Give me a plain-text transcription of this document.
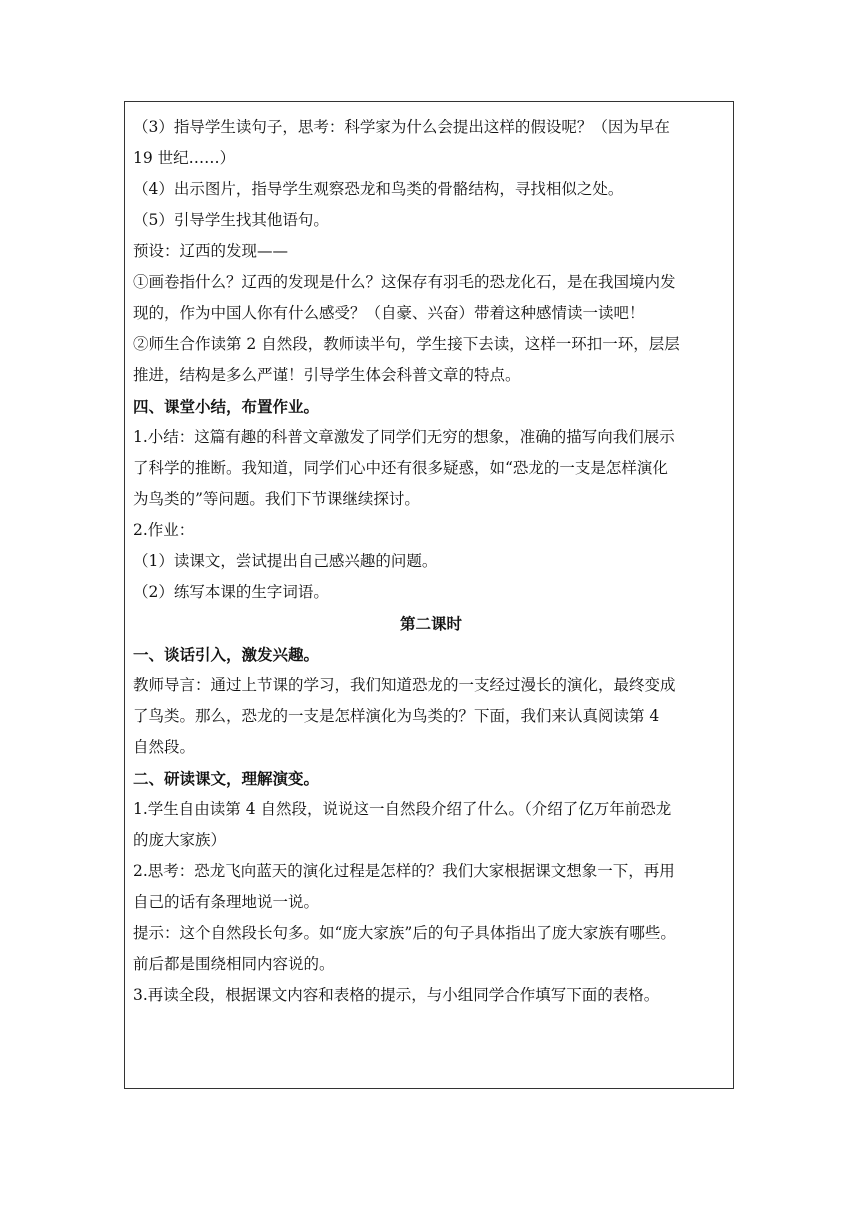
（3）指导学生读句子，思考：科学家为什么会提出这样的假设呢？（因为早在
19 世纪……）
（4）出示图片，指导学生观察恐龙和鸟类的骨骼结构，寻找相似之处。
（5）引导学生找其他语句。
预设：辽西的发现——
①画卷指什么？辽西的发现是什么？这保存有羽毛的恐龙化石，是在我国境内发
现的，作为中国人你有什么感受？（自豪、兴奋）带着这种感情读一读吧！
②师生合作读第 2 自然段，教师读半句，学生接下去读，这样一环扣一环，层层
推进，结构是多么严谨！引导学生体会科普文章的特点。
四、课堂小结，布置作业。
1.小结：这篇有趣的科普文章激发了同学们无穷的想象，准确的描写向我们展示
了科学的推断。我知道，同学们心中还有很多疑惑，如“恐龙的一支是怎样演化
为鸟类的”等问题。我们下节课继续探讨。
2.作业：
（1）读课文，尝试提出自己感兴趣的问题。
（2）练写本课的生字词语。
第二课时
一、谈话引入，激发兴趣。
教师导言：通过上节课的学习，我们知道恐龙的一支经过漫长的演化，最终变成
了鸟类。那么，恐龙的一支是怎样演化为鸟类的？下面，我们来认真阅读第 4
自然段。
二、研读课文，理解演变。
1.学生自由读第 4 自然段，说说这一自然段介绍了什么。（介绍了亿万年前恐龙
的庞大家族）
2.思考：恐龙飞向蓝天的演化过程是怎样的？我们大家根据课文想象一下，再用
自己的话有条理地说一说。
提示：这个自然段长句多。如“庞大家族”后的句子具体指出了庞大家族有哪些。
前后都是围绕相同内容说的。
3.再读全段，根据课文内容和表格的提示，与小组同学合作填写下面的表格。
